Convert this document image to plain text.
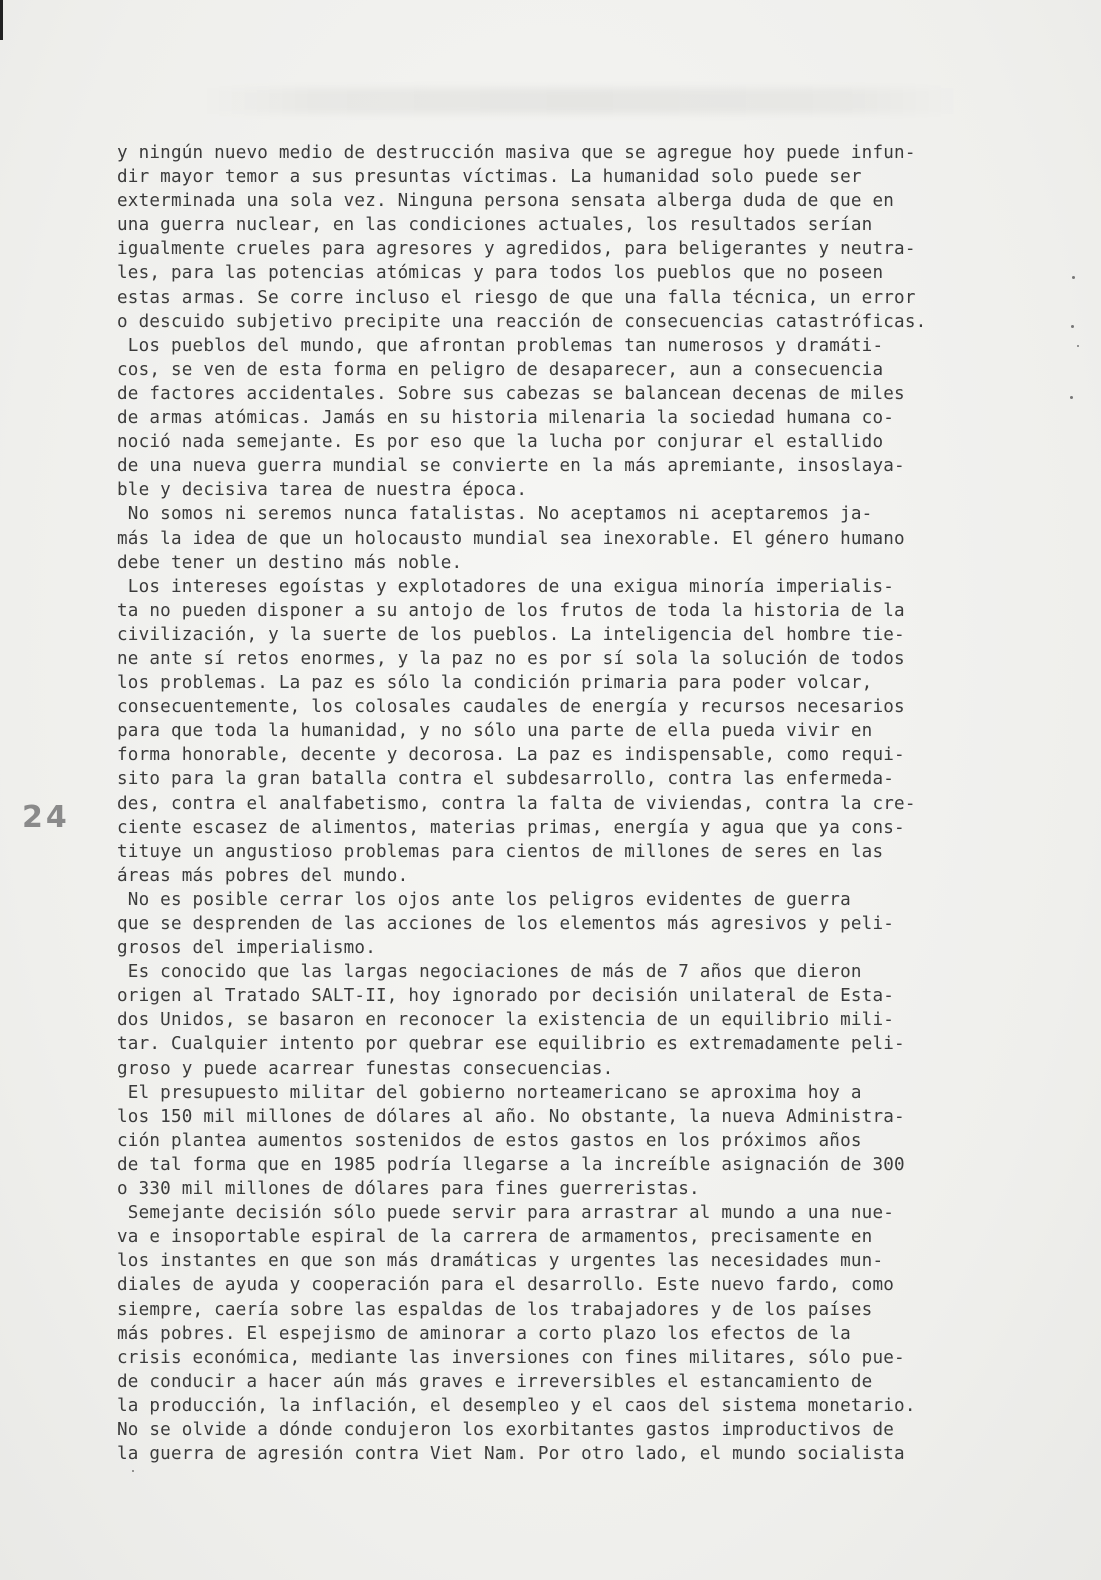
24
y ningún nuevo medio de destrucción masiva que se agregue hoy puede infun-
dir mayor temor a sus presuntas víctimas. La humanidad solo puede ser
exterminada una sola vez. Ninguna persona sensata alberga duda de que en
una guerra nuclear, en las condiciones actuales, los resultados serían
igualmente crueles para agresores y agredidos, para beligerantes y neutra-
les, para las potencias atómicas y para todos los pueblos que no poseen
estas armas. Se corre incluso el riesgo de que una falla técnica, un error
o descuido subjetivo precipite una reacción de consecuencias catastróficas.
Los pueblos del mundo, que afrontan problemas tan numerosos y dramáti-
cos, se ven de esta forma en peligro de desaparecer, aun a consecuencia
de factores accidentales. Sobre sus cabezas se balancean decenas de miles
de armas atómicas. Jamás en su historia milenaria la sociedad humana co-
noció nada semejante. Es por eso que la lucha por conjurar el estallido
de una nueva guerra mundial se convierte en la más apremiante, insoslaya-
ble y decisiva tarea de nuestra época.
No somos ni seremos nunca fatalistas. No aceptamos ni aceptaremos ja-
más la idea de que un holocausto mundial sea inexorable. El género humano
debe tener un destino más noble.
Los intereses egoístas y explotadores de una exigua minoría imperialis-
ta no pueden disponer a su antojo de los frutos de toda la historia de la
civilización, y la suerte de los pueblos. La inteligencia del hombre tie-
ne ante sí retos enormes, y la paz no es por sí sola la solución de todos
los problemas. La paz es sólo la condición primaria para poder volcar,
consecuentemente, los colosales caudales de energía y recursos necesarios
para que toda la humanidad, y no sólo una parte de ella pueda vivir en
forma honorable, decente y decorosa. La paz es indispensable, como requi-
sito para la gran batalla contra el subdesarrollo, contra las enfermeda-
des, contra el analfabetismo, contra la falta de viviendas, contra la cre-
ciente escasez de alimentos, materias primas, energía y agua que ya cons-
tituye un angustioso problemas para cientos de millones de seres en las
áreas más pobres del mundo.
No es posible cerrar los ojos ante los peligros evidentes de guerra
que se desprenden de las acciones de los elementos más agresivos y peli-
grosos del imperialismo.
Es conocido que las largas negociaciones de más de 7 años que dieron
origen al Tratado SALT-II, hoy ignorado por decisión unilateral de Esta-
dos Unidos, se basaron en reconocer la existencia de un equilibrio mili-
tar. Cualquier intento por quebrar ese equilibrio es extremadamente peli-
groso y puede acarrear funestas consecuencias.
El presupuesto militar del gobierno norteamericano se aproxima hoy a
los 150 mil millones de dólares al año. No obstante, la nueva Administra-
ción plantea aumentos sostenidos de estos gastos en los próximos años
de tal forma que en 1985 podría llegarse a la increíble asignación de 300
o 330 mil millones de dólares para fines guerreristas.
Semejante decisión sólo puede servir para arrastrar al mundo a una nue-
va e insoportable espiral de la carrera de armamentos, precisamente en
los instantes en que son más dramáticas y urgentes las necesidades mun-
diales de ayuda y cooperación para el desarrollo. Este nuevo fardo, como
siempre, caería sobre las espaldas de los trabajadores y de los países
más pobres. El espejismo de aminorar a corto plazo los efectos de la
crisis económica, mediante las inversiones con fines militares, sólo pue-
de conducir a hacer aún más graves e irreversibles el estancamiento de
la producción, la inflación, el desempleo y el caos del sistema monetario.
No se olvide a dónde condujeron los exorbitantes gastos improductivos de
la guerra de agresión contra Viet Nam. Por otro lado, el mundo socialista
